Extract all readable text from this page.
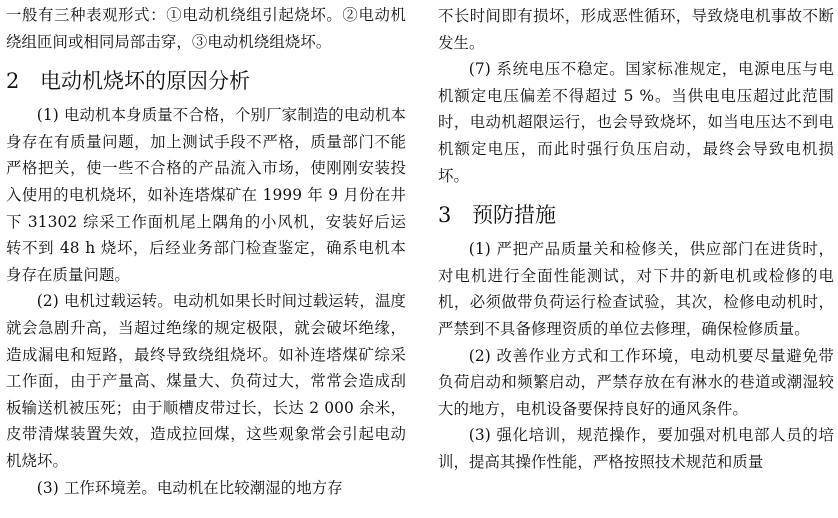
一般有三种表观形式：①电动机绕组引起烧坏。②电动机绕组匝间或相同局部击穿，③电动机绕组烧坏。

2 电动机烧坏的原因分析

(1) 电动机本身质量不合格，个别厂家制造的电动机本身存在有质量问题，加上测试手段不严格，质量部门不能严格把关，使一些不合格的产品流入市场，使刚刚安装投入使用的电机烧坏，如补连塔煤矿在 1999 年 9 月份在井下 31302 综采工作面机尾上隅角的小风机，安装好后运转不到 48 h 烧坏，后经业务部门检查鉴定，确系电机本身存在质量问题。

(2) 电机过载运转。电动机如果长时间过载运转，温度就会急剧升高，当超过绝缘的规定极限，就会破坏绝缘，造成漏电和短路，最终导致绕组烧坏。如补连塔煤矿综采工作面，由于产量高、煤量大、负荷过大，常常会造成刮板输送机被压死；由于顺槽皮带过长，长达 2 000 余米，皮带清煤装置失效，造成拉回煤，这些观象常会引起电动机烧坏。

(3) 工作环境差。电动机在比较潮湿的地方存

不长时间即有损坏，形成恶性循环，导致烧电机事故不断发生。

(7) 系统电压不稳定。国家标准规定，电源电压与电机额定电压偏差不得超过 5 %。当供电电压超过此范围时，电动机超限运行，也会导致烧坏，如当电压达不到电机额定电压，而此时强行负压启动，最终会导致电机损坏。

3 预防措施

(1) 严把产品质量关和检修关，供应部门在进货时，对电机进行全面性能测试，对下井的新电机或检修的电机，必须做带负荷运行检查试验，其次，检修电动机时，严禁到不具备修理资质的单位去修理，确保检修质量。

(2) 改善作业方式和工作环境，电动机要尽量避免带负荷启动和频繁启动，严禁存放在有淋水的巷道或潮湿较大的地方，电机设备要保持良好的通风条件。

(3) 强化培训，规范操作，要加强对机电部人员的培训，提高其操作性能，严格按照技术规范和质量
